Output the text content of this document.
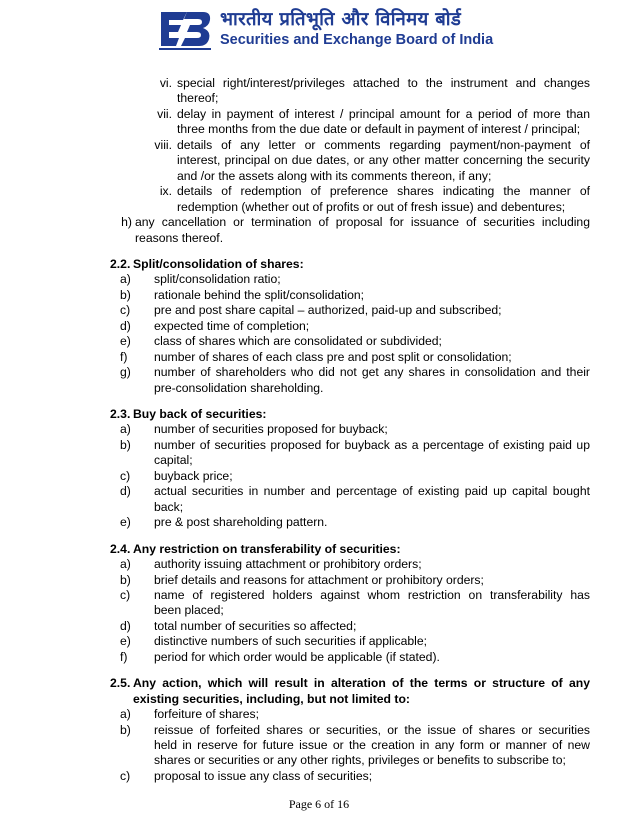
भारतीय प्रतिभूति और विनिमय बोर्ड
Securities and Exchange Board of India
vi. special right/interest/privileges attached to the instrument and changes
thereof;
vii. delay in payment of interest / principal amount for a period of more than
three months from the due date or default in payment of interest / principal;
viii. details of any letter or comments regarding payment/non-payment of
interest, principal on due dates, or any other matter concerning the security
and /or the assets along with its comments thereon, if any;
ix. details of redemption of preference shares indicating the manner of
redemption (whether out of profits or out of fresh issue) and debentures;
h) any cancellation or termination of proposal for issuance of securities including
reasons thereof.
2.2. Split/consolidation of shares:
a) split/consolidation ratio;
b) rationale behind the split/consolidation;
c) pre and post share capital – authorized, paid-up and subscribed;
d) expected time of completion;
e) class of shares which are consolidated or subdivided;
f)	number of shares of each class pre and post split or consolidation;
g) number of shareholders who did not get any shares in consolidation and their
pre-consolidation shareholding.
2.3. Buy back of securities:
a) number of securities proposed for buyback;
b) number of securities proposed for buyback as a percentage of existing paid up
capital;
c) buyback price;
d) actual securities in number and percentage of existing paid up capital bought
back;
e) pre & post shareholding pattern.
2.4. Any restriction on transferability of securities:
a) authority issuing attachment or prohibitory orders;
b) brief details and reasons for attachment or prohibitory orders;
c) name of registered holders against whom restriction on transferability has
been placed;
d) total number of securities so affected;
e) distinctive numbers of such securities if applicable;
f)	period for which order would be applicable (if stated).
2.5. Any action, which will result in alteration of the terms or structure of any
existing securities, including, but not limited to:
a) forfeiture of shares;
b) reissue of forfeited shares or securities, or the issue of shares or securities
held in reserve for future issue or the creation in any form or manner of new
shares or securities or any other rights, privileges or benefits to subscribe to;
c) proposal to issue any class of securities;
Page 6 of 16
